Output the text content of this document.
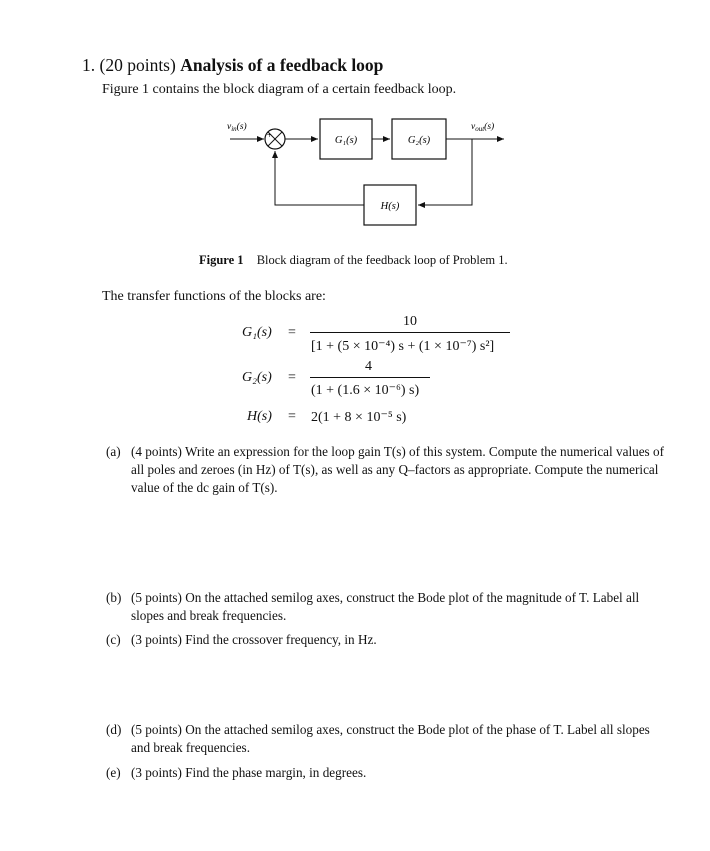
1. (20 points) Analysis of a feedback loop
Figure 1 contains the block diagram of a certain feedback loop.
$v_{in}(s)$
+	G₁(s)	G₂(s)
$v_{out}(s)$
H(s)
Figure 1 Block diagram of the feedback loop of Problem 1.
The transfer functions of the blocks are:
G₁(s) =
10
[1 + (5 × 10⁻⁴) s + (1 × 10⁻⁷) s²]
G₂(s) =
4
(1 + (1.6 × 10⁻⁶) s)
H(s) = 2(1 + 8 × 10⁻⁵ s)
(a) (4 points) Write an expression for the loop gain T(s) of this system. Compute the numerical values of all poles and zeroes (in Hz) of T(s), as well as any Q–factors as appropriate. Compute the numerical value of the dc gain of T(s).
(b) (5 points) On the attached semilog axes, construct the Bode plot of the magnitude of T. Label all slopes and break frequencies.
(c) (3 points) Find the crossover frequency, in Hz.
(d) (5 points) On the attached semilog axes, construct the Bode plot of the phase of T. Label all slopes and break frequencies.
(e) (3 points) Find the phase margin, in degrees.
